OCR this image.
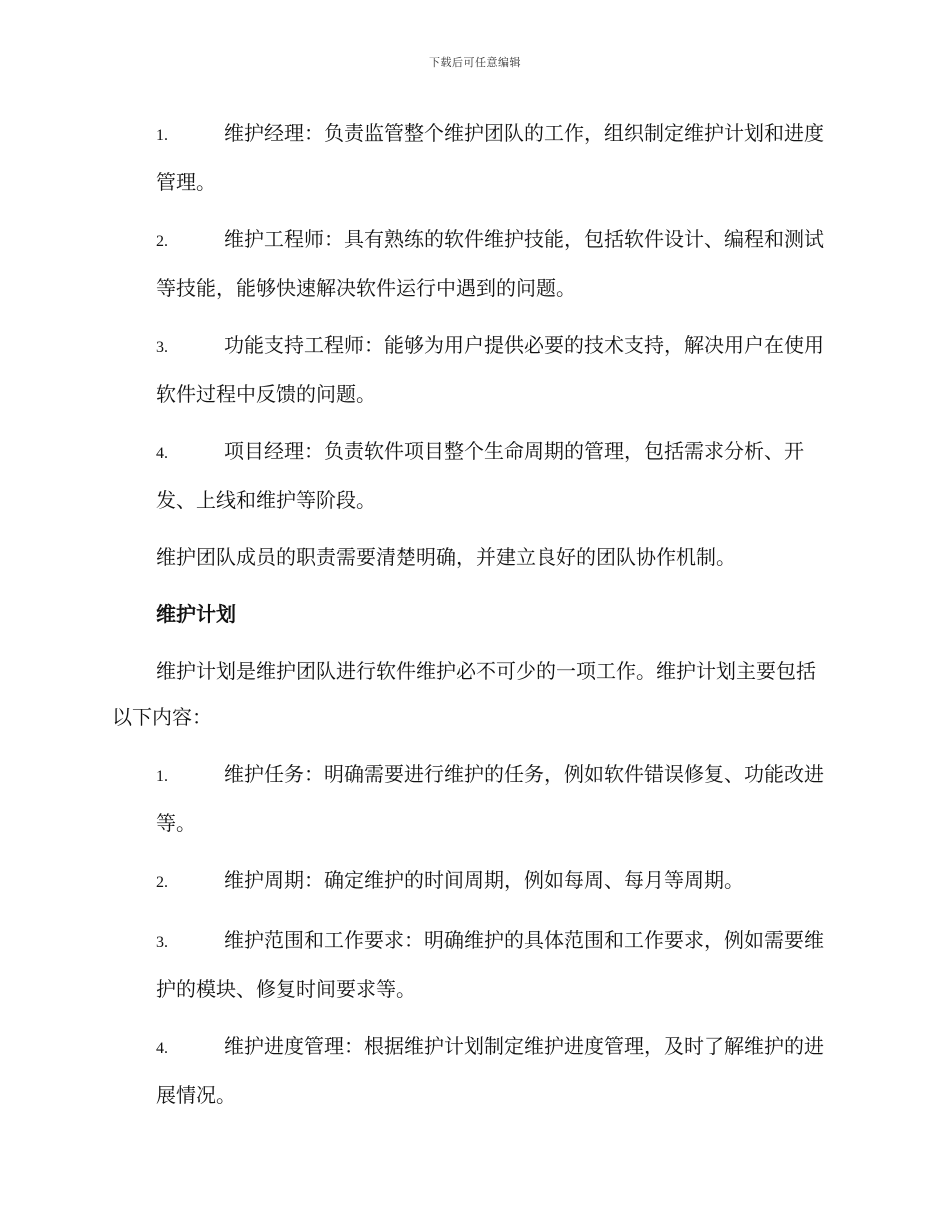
下载后可任意编辑
1.	维护经理：负责监管整个维护团队的工作，组织制定维护计划和进度管理。
2.	维护工程师：具有熟练的软件维护技能，包括软件设计、编程和测试等技能，能够快速解决软件运行中遇到的问题。
3.	功能支持工程师：能够为用户提供必要的技术支持，解决用户在使用软件过程中反馈的问题。
4.	项目经理：负责软件项目整个生命周期的管理，包括需求分析、开发、上线和维护等阶段。

维护团队成员的职责需要清楚明确，并建立良好的团队协作机制。

维护计划

维护计划是维护团队进行软件维护必不可少的一项工作。维护计划主要包括以下内容：

1.	维护任务：明确需要进行维护的任务，例如软件错误修复、功能改进等。
2.	维护周期：确定维护的时间周期，例如每周、每月等周期。
3.	维护范围和工作要求：明确维护的具体范围和工作要求，例如需要维护的模块、修复时间要求等。
4.	维护进度管理：根据维护计划制定维护进度管理，及时了解维护的进展情况。
